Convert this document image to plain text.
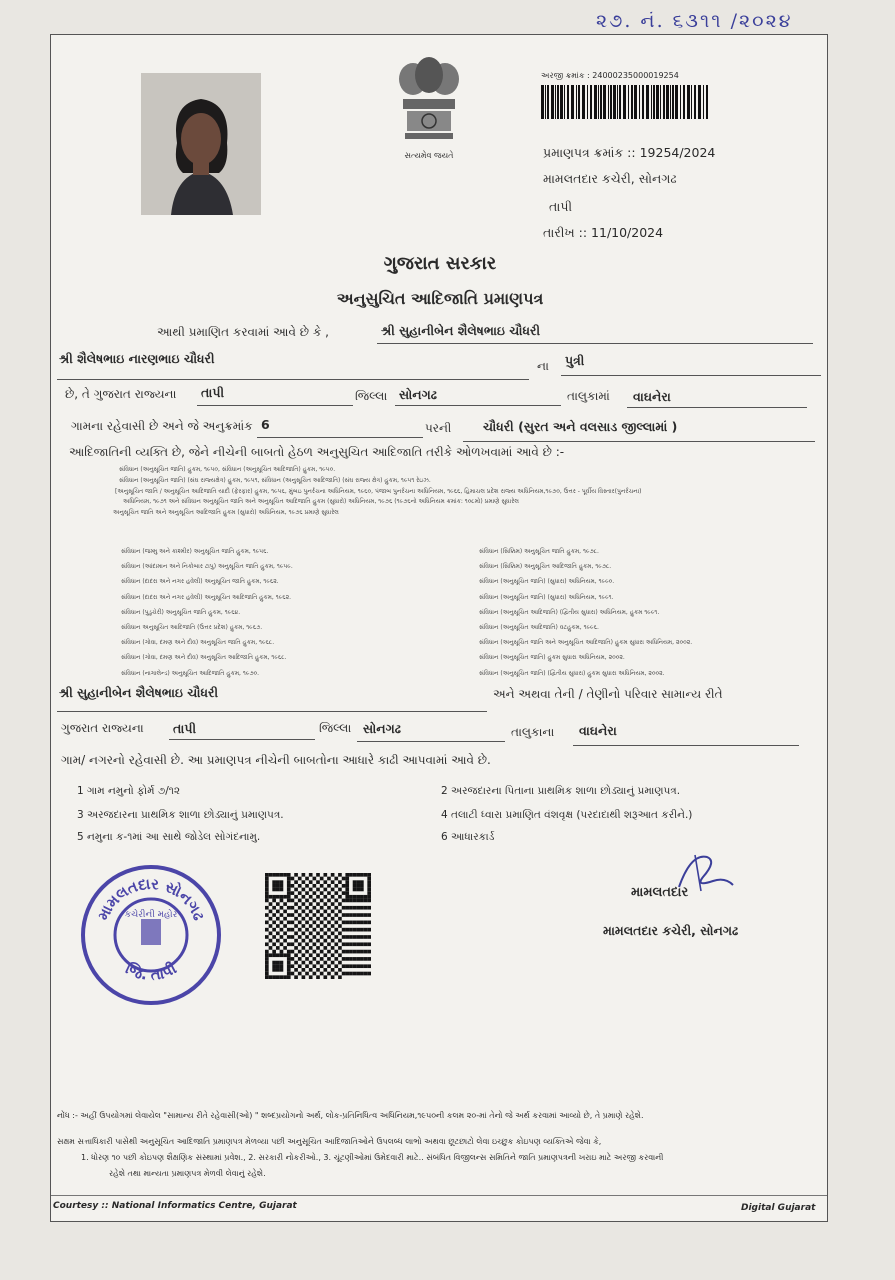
૨૭. નં. ૬૩૧૧ /૨૦૨૪
સત્યમેવ જયતે
અરજી ક્રમાંક : 24000235000019254
પ્રમાણપત્ર ક્રમાંક :: 19254/2024
મામલતદાર કચેરી, સોનગઢ
તાપી
તારીખ :: 11/10/2024
ગુજરાત સરકાર
અનુસુચિત આદિજાતિ પ્રમાણપત્ર
આથી પ્રમાણિત કરવામાં આવે છે કે ,	શ્રી સુહાનીબેન શૈલેષભાઇ ચૌધરી
શ્રી શૈલેષભાઇ નારણભાઇ ચૌધરી	ના પુત્રી
છે, તે ગુજરાત રાજ્યના તાપી	જિલ્લા સોનગઢ	તાલુકામાં વાઘનેરા
ગામના રહેવાસી છે અને જે અનુક્રમાંક 6	પરની	ચૌધરી (સુરત અને વલસાડ જીલ્લામાં )
આદિજાતિની વ્યક્તિ છે, જેને નીચેની બાબતો હેઠળ અનુસુચિત આદિજાતિ તરીકે ઓળખવામાં આવે છે :-
સંવિધાન (અનુસૂચિત જાતિ) હુકમ, ૧૯૫૦, સંવિધાન (અનુસૂચિત આદિજાતિ) હુકમ, ૧૯૫૦.
સંવિધાન (અનુસૂચિત જાતિ) (સંઘ રાજ્યક્ષેત્ર) હુકમ, ૧૯૫૧, સંવિધાન (અનુસૂચિત આદિજાતિ) (સંઘ રાજ્ય ક્ષેત્ર) હુકમ, ૧૯૫૧ રેઇઝ.
[અનુસૂચિત જાતિ / અનુસૂચિત આદિજાતિ યાદી (ફેરફાર) હુકમ, ૧૯૫૬, મુંબઇ પુનર્રચના અધિનિયમ, ૧૯૬૦, પંજાબ પુનર્રચના અધિનિયમ, ૧૯૬૬, હિમાચલ પ્રદેશ રાજ્ય અધિનિયમ,૧૯૭૦, ઉત્તર - પૂર્વીય વિસ્તાર(પુનર્રચના)
અધિનિયમ, ૧૯૭૧ અને સંવિધાન અનુસૂચિત જાતિ અને અનુસૂચિત આદિજાતિ હુકમ (સુધારો) અધિનિયમ, ૧૯૭૬ (૧૯૭૬નો અધિનિયમ ક્રમાંક: ૧૦૮મો) પ્રમાણે સુધારેલ
અનુસૂચિત જાતિ અને અનુસૂચિત આદિજાતિ હુકમ (સુધારો) અધિનિયમ, ૧૯૭૬ પ્રમાણે સુધારેલ
સંવિધાન (જમ્મુ અને કાશ્મીર) અનુસૂચિત જાતિ હુકમ, ૧૯૫૬.
સંવિધાન (આંદામાન અને નિકોબાર ટાપુ) અનુસૂચિત જાતિ હુકમ, ૧૯૫૯.
સંવિધાન (દાદરા અને નગર હવેલી) અનુસૂચિત જાતિ હુકમ, ૧૯૬૨.
સંવિધાન (દાદરા અને નગર હવેલી) અનુસૂચિત આદિજાતિ હુકમ, ૧૯૬૨.
સંવિધાન (પુડુચેરી) અનુસૂચિત જાતિ હુકમ, ૧૯૬૪.
સંવિધાન અનુસૂચિત આદિજાતિ (ઉત્તર પ્રદેશ) હુકમ, ૧૯૬૭.
સંવિધાન (ગોવા, દમણ અને દીવ) અનુસૂચિત જાતિ હુકમ, ૧૯૬૮.
સંવિધાન (ગોવા, દમણ અને દીવ) અનુસૂચિત આદિજાતિ હુકમ, ૧૯૬૮.
સંવિધાન (નાગાલેન્ડ) અનુસૂચિત આદિજાતિ હુકમ, ૧૯૭૦.
સંવિધાન (સિક્કિમ) અનુસૂચિત જાતિ હુકમ, ૧૯૭૮.
સંવિધાન (સિક્કિમ) અનુસૂચિત આદિજાતિ હુકમ, ૧૯૭૮.
સંવિધાન (અનુસૂચિત જાતિ) (સુધારા) અધિનિયમ, ૧૯૯૦.
સંવિધાન (અનુસૂચિત જાતિ) (સુધારા) અધિનિયમ, ૧૯૯૧.
સંવિધાન (અનુસૂચિત આદિજાતિ) (દ્વિતીય સુધારા) અધિનિયમ, હુકમ ૧૯૯૧.
સંવિધાન (અનુસૂચિત આદિજાતિ) વટહુકમ, ૧૯૯૬.
સંવિધાન (અનુસૂચિત જાતિ અને અનુસૂચિત આદિજાતિ) હુકમ સુધારા અધિનિયમ, ૨૦૦૨.
સંવિધાન (અનુસૂચિત જાતિ) હુકમ સુધારા અધિનિયમ, ૨૦૦૨.
સંવિધાન (અનુસૂચિત જાતિ) (દ્વિતીય સુધારા) હુકમ સુધારા અધિનિયમ, ૨૦૦૨.
શ્રી સુહાનીબેન શૈલેષભાઇ ચૌધરી	અને અથવા તેની / તેણીનો પરિવાર સામાન્ય રીતે
ગુજરાત રાજ્યના તાપી	જિલ્લા સોનગઢ	તાલુકાના વાઘનેરા
ગામ/ નગરનો રહેવાસી છે. આ પ્રમાણપત્ર નીચેની બાબતોના આધારે કાઢી આપવામાં આવે છે.
1 ગામ નમુનો ફોર્મ ૭/૧૨	2 અરજદારના પિતાના પ્રાથમિક શાળા છોડ્યાનું પ્રમાણપત્ર.
3 અરજદારના પ્રાથમિક શાળા છોડ્યાનું પ્રમાણપત્ર.	4 તલાટી ધ્વારા પ્રમાણિત વંશવૃક્ષ (પરદાદાથી શરૂઆત કરીને.)
5 નમુના ક-૧માં આ સાથે જોડેલ સોગંદનામુ.	6 આધારકાર્ડ
મામલતદાર સોનગઢ
જિ. તાપી
કચેરીની મહોર
મામલતદાર
મામલતદાર કચેરી, સોનગઢ
નોંધ :- અહીં ઉપયોગમાં લેવાયેલ "સામાન્ય રીતે રહેવાસી(ઓ) " શબ્દપ્રયોગનો અર્થ, લોક-પ્રતિનિધિત્વ અધિનિયમ,૧૯૫૦ની કલમ ૨૦-માં તેનો જે અર્થ કરવામાં આવ્યો છે, તે પ્રમાણે રહેશે.
સક્ષમ સત્તાધિકારી પાસેથી અનુસૂચિત આદિજાતિ પ્રમાણપત્ર મેળવ્યા પછી અનુસૂચિત આદિજાતિઓને ઉપલબ્ધ લાભો અથવા છૂટછાટો લેવા ઇચ્છુક કોઇપણ વ્યક્તિએ જેવા કે,
1. ધોરણ ૧૦ પછી કોઇપણ શૈક્ષણિક સંસ્થામાં પ્રવેશ., 2. સરકારી નોકરીઓ., 3. ચૂંટણીઓમાં ઉમેદવારી માટે.. સંબંધિત વિજીલન્સ સમિતિને જાતિ પ્રમાણપત્રની ખરાઇ માટે અરજી કરવાની
રહેશે તથા માન્યતા પ્રમાણપત્ર મેળવી લેવાનું રહેશે.
Courtesy :: National Informatics Centre, Gujarat	Digital Gujarat
